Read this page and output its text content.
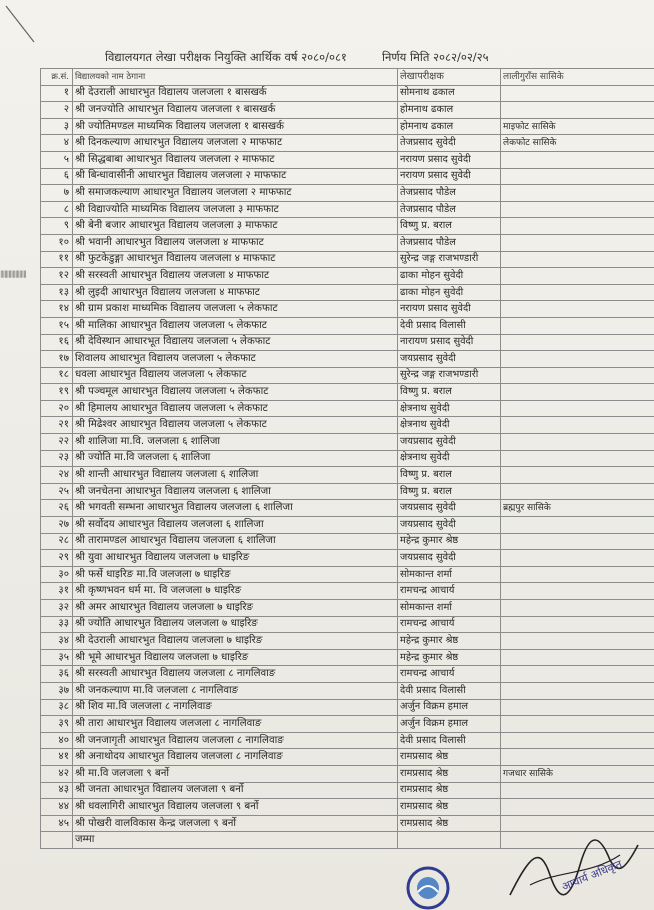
विद्यालयगत लेखा परीक्षक नियुक्ति आर्थिक वर्ष २०८०/०८१	निर्णय मिति २०८२/०२/२५
|||||||||||||||||||
क्र.सं.	विद्यालयको नाम ठेगाना	लेखापरीक्षक	लालीगुराँस सासिके
१	श्री देउराली आधारभुत विद्यालय जलजला १ बासखर्क	सोमनाथ ढकाल	
२	श्री जनज्योति आधारभुत विद्यालय जलजला १ बासखर्क	होमनाथ ढकाल	
३	श्री ज्योतिमण्डल माध्यमिक विद्यालय जलजला १ बासखर्क	होमनाथ ढकाल	माइफाेट सासिके
४	श्री दिनकल्याण आधारभुत विद्यालय जलजला २ माफफाट	तेजप्रसाद सुवेदी	लेकफाेट सासिके
५	श्री सिद्धबाबा आधारभुत विद्यालय जलजला २ माफफाट	नरायण प्रसाद सुवेदी	
६	श्री बिन्धावासीनी आधारभुत विद्यालय जलजला २ माफफाट	नरायण प्रसाद सुवेदी	
७	श्री समाजकल्याण आधारभुत विद्यालय जलजला २ माफफाट	तेजप्रसाद पौडेल	
८	श्री विद्याज्योति माध्यमिक विद्यालय जलजला ३ माफफाट	तेजप्रसाद पौडेल	
९	श्री बेनी बजार आधारभुत विद्यालय जलजला ३ माफफाट	विष्णु प्र. बराल	
१०	श्री भवानी आधारभुत विद्यालय जलजला ४ माफफाट	तेजप्रसाद पौडेल	
११	श्री फुटकेडुङ्गा आधारभुत विद्यालय जलजला ४ माफफाट	सुरेन्द्र जङ्ग राजभण्डारी	
१२	श्री सरस्वती आधारभुत विद्यालय जलजला ४ माफफाट	ढाका मोहन सुवेदी	
१३	श्री लुइदी आधारभुत विद्यालय जलजला ४ माफफाट	ढाका मोहन सुवेदी	
१४	श्री ग्राम प्रकाश माध्यमिक विद्यालय जलजला ५ लेकफाट	नरायण प्रसाद सुवेदी	
१५	श्री मालिका आधारभुत विद्यालय जलजला ५ लेकफाट	देवी प्रसाद विलासी	
१६	श्री देविस्थान आधारभूत विद्यालय जलजला ५ लेकफाट	नारायण प्रसाद सुवेदी	
१७	शिवालय आधारभुत विद्यालय जलजला ५ लेकफाट	जयप्रसाद सुवेदी	
१८	धवला आधारभुत विद्यालय जलजला ५ लेकफाट	सुरेन्द्र जङ्ग राजभण्डारी	
१९	श्री पञ्चमूल आधारभुत विद्यालय जलजला ५ लेकफाट	विष्णु प्र. बराल	
२०	श्री हिमालय आधारभुत विद्यालय जलजला ५ लेकफाट	क्षेत्रनाथ सुवेदी	
२१	श्री मिढेश्वर आधारभुत विद्यालय जलजला ५ लेकफाट	क्षेत्रनाथ सुवेदी	
२२	श्री शालिजा मा.वि. जलजला ६ शालिजा	जयप्रसाद सुवेदी	
२३	श्री ज्योति मा.वि जलजला ६ शालिजा	क्षेत्रनाथ सुवेदी	
२४	श्री शान्ती आधारभुत विद्यालय जलजला ६ शालिजा	विष्णु प्र. बराल	
२५	श्री जनचेतना आधारभुत विद्यालय जलजला ६ शालिजा	विष्णु प्र. बराल	
२६	श्री भगवती सम्भना आधारभुत विद्यालय जलजला ६ शालिजा	जयप्रसाद सुवेदी	ब्रह्मपुर सासिके
२७	श्री सर्वोदय आधारभुत विद्यालय जलजला ६ शालिजा	जयप्रसाद सुवेदी	
२८	श्री तारामण्डल आधारभुत विद्यालय जलजला ६ शालिजा	महेन्द्र कुमार श्रेष्ठ	
२९	श्री युवा आधारभुत विद्यालय जलजला ७ धाइरिङ	जयप्रसाद सुवेदी	
३०	श्री फर्से धाइरिङ मा.वि जलजला ७ धाइरिङ	सोमकान्त शर्मा	
३१	श्री कृष्णभवन धर्म मा. वि जलजला ७ धाइरिङ	रामचन्द्र आचार्य	
३२	श्री अमर आधारभुत विद्यालय जलजला ७ धाइरिङ	सोमकान्त शर्मा	
३३	श्री ज्योति आधारभुत विद्यालय जलजला ७ धाइरिङ	रामचन्द्र आचार्य	
३४	श्री देउराली आधारभुत विद्यालय जलजला ७ धाइरिङ	महेन्द्र कुमार श्रेष्ठ	
३५	श्री भूमे आधारभुत विद्यालय जलजला ७ धाइरिङ	महेन्द्र कुमार श्रेष्ठ	
३६	श्री सरस्वती आधारभुत विद्यालय जलजला ८ नागलिवाङ	रामचन्द्र आचार्य	
३७	श्री जनकल्याण मा.वि जलजला ८ नागलिवाङ	देवी प्रसाद विलासी	
३८	श्री शिव मा.वि जलजला ८ नागलिवाङ	अर्जुन विक्रम हमाल	
३९	श्री तारा आधारभुत विद्यालय जलजला ८ नागलिवाङ	अर्जुन विक्रम हमाल	
४०	श्री जनजागृती आधारभुत विद्यालय जलजला ८ नागलिवाङ	देवी प्रसाद विलासी	
४१	श्री अनाथोदय आधारभुत विद्यालय जलजला ८ नागलिवाङ	रामप्रसाद श्रेष्ठ	
४२	श्री मा.वि जलजला ९ बर्नो	रामप्रसाद श्रेष्ठ	गजधार सासिके
४३	श्री जनता आधारभुत विद्यालय जलजला ९ बर्नो	रामप्रसाद श्रेष्ठ	
४४	श्री धवलागिरी आधारभुत विद्यालय जलजला ९ बर्नो	रामप्रसाद श्रेष्ठ	
४५	श्री पोखरी वालविकास केन्द्र जलजला ९ बर्नो	रामप्रसाद श्रेष्ठ	
	जम्मा		
आचार्य अधिकृत
